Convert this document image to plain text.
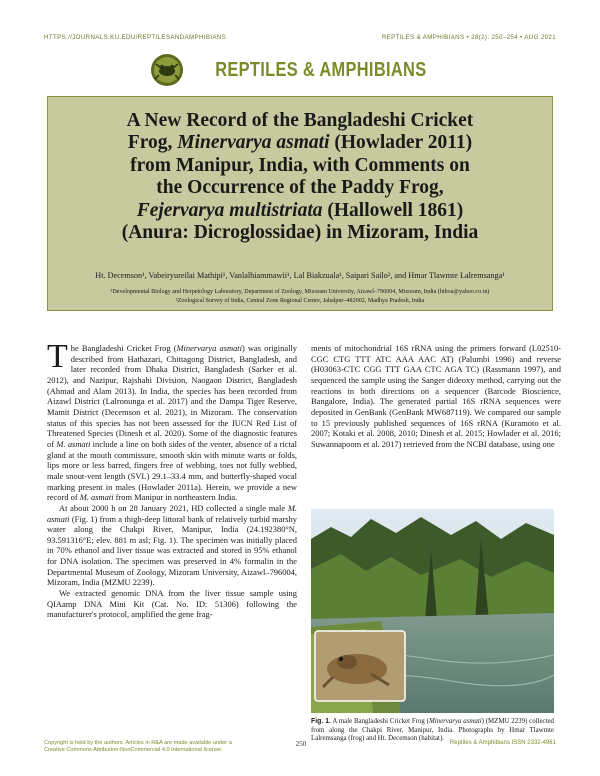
HTTPS://JOURNALS.KU.EDU/REPTILESANDAMPHIBIANS	REPTILES & AMPHIBIANS • 28(2): 250–254 • AUG 2021
REPTILES & AMPHIBIANS
A New Record of the Bangladeshi Cricket
Frog, Minervarya asmati (Howlader 2011)
from Manipur, India, with Comments on
the Occurrence of the Paddy Frog,
Fejervarya multistriata (Hallowell 1861)
(Anura: Dicroglossidae) in Mizoram, India
Ht. Decemson¹, Vabeiryureilai Mathipi¹, Vanlalhiammawii¹, Lal Biakzuala¹, Saipari Sailo², and Hmar Tlawmte Lalremsanga¹
¹Developmental Biology and Herpetology Laboratory, Department of Zoology, Mizoram University, Aizawl–796004, Mizoram, India (htlrsa@yahoo.co.in)
²Zoological Survey of India, Central Zone Regional Centre, Jabalpur–482002, Madhya Pradesh, India

The Bangladeshi Cricket Frog (Minervarya asmati) was originally described from Hathazari, Chittagong District, Bangladesh, and later recorded from Dhaka District, Bangladesh (Sarker et al. 2012), and Nazipur, Rajshahi Division, Naogaon District, Bangladesh (Ahmad and Alam 2013). In India, the species has been recorded from Aizawl District (Lalronunga et al. 2017) and the Dampa Tiger Reserve, Mamit District (Decemson et al. 2021), in Mizoram. The conservation status of this species has not been assessed for the IUCN Red List of Threatened Species (Dinesh et al. 2020). Some of the diagnostic features of M. asmati include a line on both sides of the venter, absence of a rictal gland at the mouth commissure, smooth skin with minute warts or folds, lips more or less barred, fingers free of webbing, toes not fully webbed, male snout-vent length (SVL) 29.1–33.4 mm, and butterfly-shaped vocal marking present in males (Howlader 2011a). Herein, we provide a new record of M. asmati from Manipur in northeastern India.

At about 2000 h on 28 January 2021, HD collected a single male M. asmati (Fig. 1) from a thigh-deep littoral bank of relatively turbid marshy water along the Chakpi River, Manipur, India (24.192380°N, 93.591316°E; elev. 881 m asl; Fig. 1). The specimen was initially placed in 70% ethanol and liver tissue was extracted and stored in 95% ethanol for DNA isolation. The specimen was preserved in 4% formalin in the Departmental Museum of Zoology, Mizoram University, Aizawl–796004, Mizoram, India (MZMU 2239).

We extracted genomic DNA from the liver tissue sample using QIAamp DNA Mini Kit (Cat. No. ID: 51306) following the manufacturer's protocol, amplified the gene frag-

ments of mitochondrial 16S rRNA using the primers forward (L02510-CGC CTG TTT ATC AAA AAC AT) (Palumbi 1996) and reverse (H03063-CTC CGG TTT GAA CTC AGA TC) (Rassmann 1997), and sequenced the sample using the Sanger dideoxy method, carrying out the reactions in both directions on a sequencer (Barcode Bioscience, Bangalore, India). The generated partial 16S rRNA sequences were deposited in GenBank (GenBank MW687119). We compared our sample to 15 previously published sequences of 16S rRNA (Kuramoto et al. 2007; Kotaki et al. 2008, 2010; Dinesh et al. 2015; Howlader et al. 2016; Suwannapoom et al. 2017) retrieved from the NCBI database, using one

Fig. 1. A male Bangladeshi Cricket Frog (Minervarya asmati) (MZMU 2239) collected from along the Chakpi River, Manipur, India. Photographs by Hmar Tlawmte Lalremsanga (frog) and Ht. Decemson (habitat).
Copyright is held by the authors. Articles in R&A are made available under a Creative Commons Attribution-NonCommercial 4.0 International license.
250	Reptiles & Amphibians ISSN 2332-4961
